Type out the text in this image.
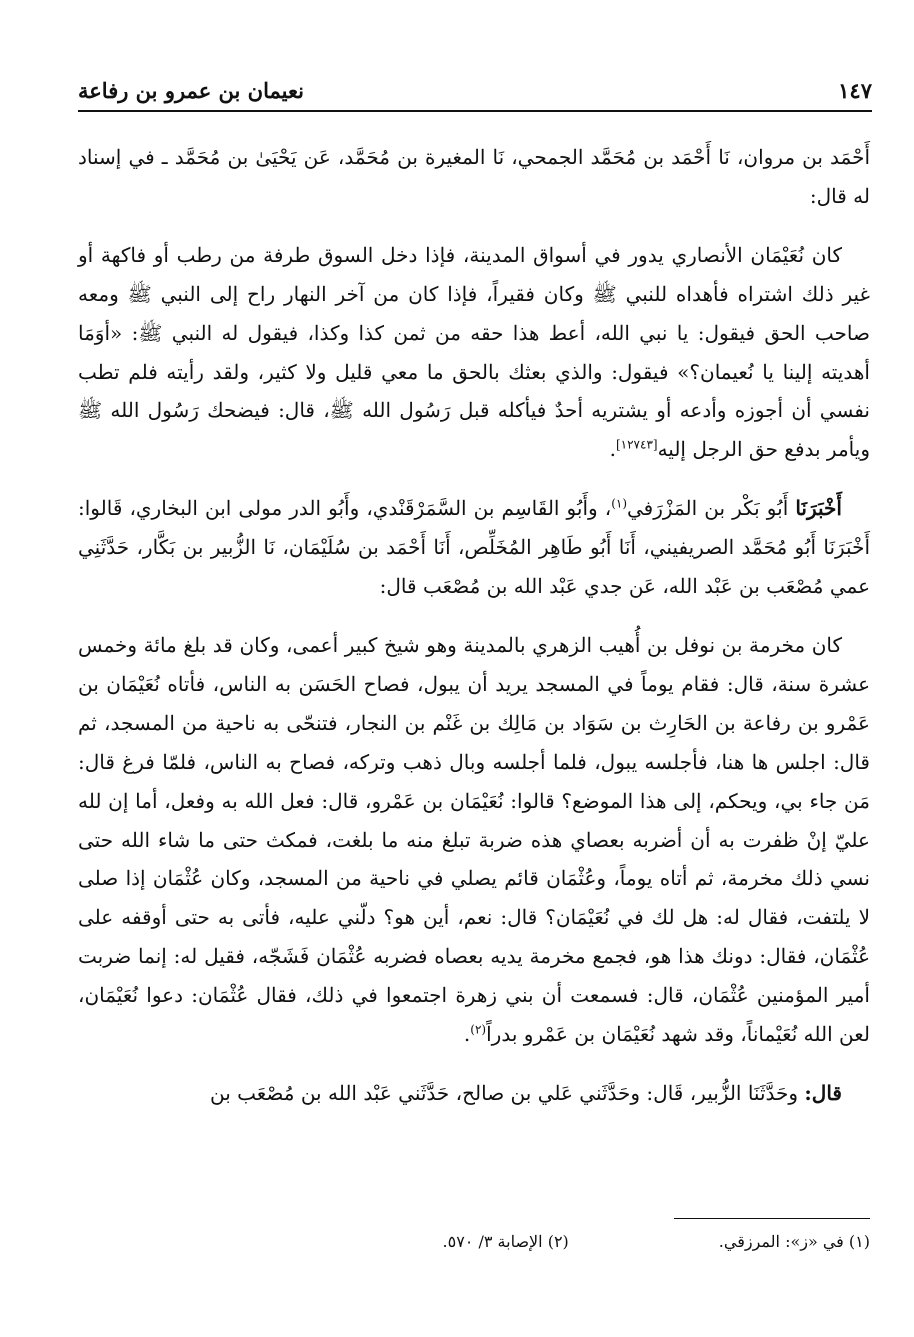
نعيمان بن عمرو بن رفاعة	١٤٧

أَحْمَد بن مروان، نَا أَحْمَد بن مُحَمَّد الجمحي، نَا المغيرة بن مُحَمَّد، عَن يَحْيَىٰ بن مُحَمَّد ـ في إسناد له قال:

كان نُعَيْمَان الأنصاري يدور في أسواق المدينة، فإذا دخل السوق طرفة من رطب أو فاكهة أو غير ذلك اشتراه فأهداه للنبي ﷺ وكان فقيراً، فإذا كان من آخر النهار راح إلى النبي ﷺ ومعه صاحب الحق فيقول: يا نبي الله، أعط هذا حقه من ثمن كذا وكذا، فيقول له النبي ﷺ: «أوَمَا أهديته إلينا يا نُعيمان؟» فيقول: والذي بعثك بالحق ما معي قليل ولا كثير، ولقد رأيته فلم تطب نفسي أن أجوزه وأدعه أو يشتريه أحدٌ فيأكله قبل رَسُول الله ﷺ، قال: فيضحك رَسُول الله ﷺ ويأمر بدفع حق الرجل إليه[١٢٧٤٣].

أَخْبَرَنَا أَبُو بَكْر بن المَزْرَفي$^{(١)}$، وأَبُو القَاسِم بن السَّمَرْقَنْدي، وأَبُو الدر مولى ابن البخاري، قَالوا: أَخْبَرَنَا أَبُو مُحَمَّد الصريفيني، أَنَا أَبُو طَاهِر المُخَلِّص، أَنَا أَحْمَد بن سُلَيْمَان، نَا الزُّبير بن بَكَّار، حَدَّثَنِي عمي مُصْعَب بن عَبْد الله، عَن جدي عَبْد الله بن مُصْعَب قال:

كان مخرمة بن نوفل بن أُهيب الزهري بالمدينة وهو شيخ كبير أعمى، وكان قد بلغ مائة وخمس عشرة سنة، قال: فقام يوماً في المسجد يريد أن يبول، فصاح الحَسَن به الناس، فأتاه نُعَيْمَان بن عَمْرو بن رفاعة بن الحَارِث بن سَوَاد بن مَالِك بن غَنْم بن النجار، فتنحّى به ناحية من المسجد، ثم قال: اجلس ها هنا، فأجلسه يبول، فلما أجلسه وبال ذهب وتركه، فصاح به الناس، فلمّا فرغ قال: مَن جاء بي، ويحكم، إلى هذا الموضع؟ قالوا: نُعَيْمَان بن عَمْرو، قال: فعل الله به وفعل، أما إن لله عليّ إنْ ظفرت به أن أضربه بعصاي هذه ضربة تبلغ منه ما بلغت، فمكث حتى ما شاء الله حتى نسي ذلك مخرمة، ثم أتاه يوماً، وعُثْمَان قائم يصلي في ناحية من المسجد، وكان عُثْمَان إذا صلى لا يلتفت، فقال له: هل لك في نُعَيْمَان؟ قال: نعم، أين هو؟ دلّني عليه، فأتى به حتى أوقفه على عُثْمَان، فقال: دونك هذا هو، فجمع مخرمة يديه بعصاه فضربه عُثْمَان فَشَجّه، فقيل له: إنما ضربت أمير المؤمنين عُثْمَان، قال: فسمعت أن بني زهرة اجتمعوا في ذلك، فقال عُثْمَان: دعوا نُعَيْمَان، لعن الله نُعَيْماناً، وقد شهد نُعَيْمَان بن عَمْرو بدراً$^{(٢)}$.

قال: وحَدَّثَنَا الزُّبير، قَال: وحَدَّثَني عَلي بن صالح، حَدَّثَني عَبْد الله بن مُصْعَب بن

(١) في «ز»: المرزقي.
(٢) الإصابة ٣/ ٥٧٠.
